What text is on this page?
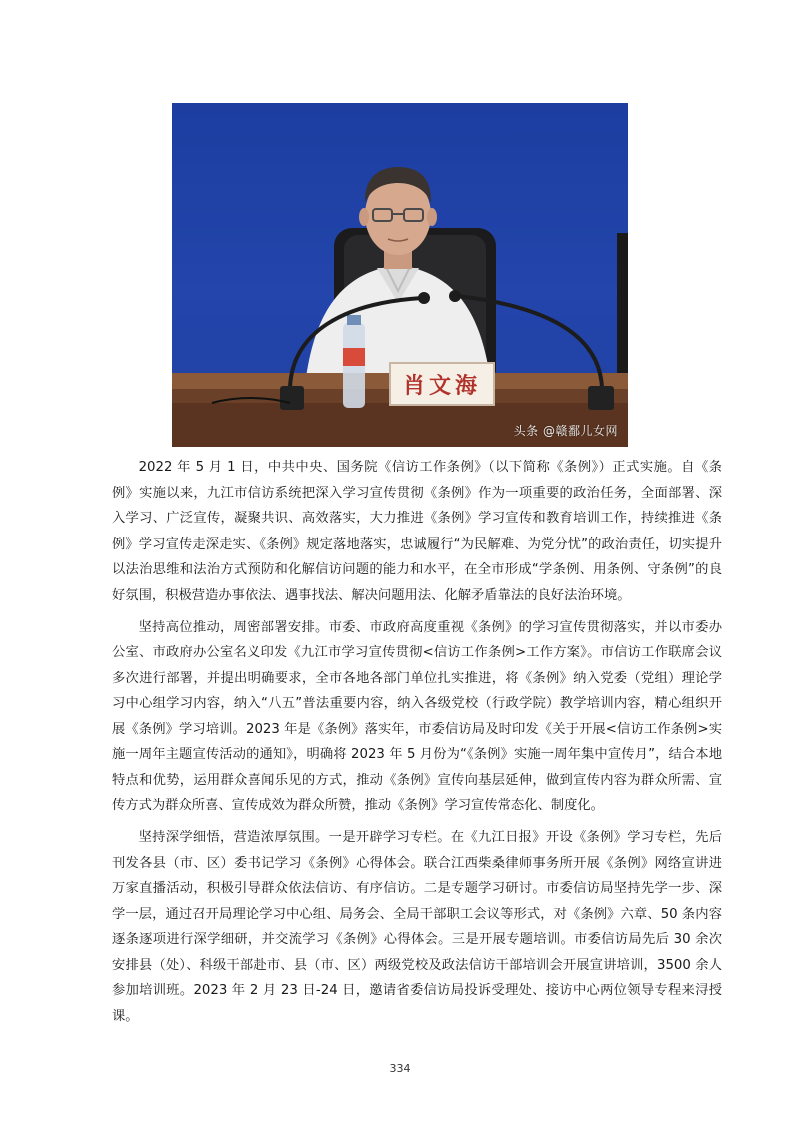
肖文海
头条 @赣鄱儿女网

2022 年 5 月 1 日，中共中央、国务院《信访工作条例》（以下简称《条例》）正式实施。自《条例》实施以来，九江市信访系统把深入学习宣传贯彻《条例》作为一项重要的政治任务，全面部署、深入学习、广泛宣传，凝聚共识、高效落实，大力推进《条例》学习宣传和教育培训工作，持续推进《条例》学习宣传走深走实、《条例》规定落地落实，忠诚履行“为民解难、为党分忧”的政治责任，切实提升以法治思维和法治方式预防和化解信访问题的能力和水平，在全市形成“学条例、用条例、守条例”的良好氛围，积极营造办事依法、遇事找法、解决问题用法、化解矛盾靠法的良好法治环境。

坚持高位推动，周密部署安排。市委、市政府高度重视《条例》的学习宣传贯彻落实，并以市委办公室、市政府办公室名义印发《九江市学习宣传贯彻<信访工作条例>工作方案》。市信访工作联席会议多次进行部署，并提出明确要求，全市各地各部门单位扎实推进，将《条例》纳入党委（党组）理论学习中心组学习内容，纳入“八五”普法重要内容，纳入各级党校（行政学院）教学培训内容，精心组织开展《条例》学习培训。2023 年是《条例》落实年，市委信访局及时印发《关于开展<信访工作条例>实施一周年主题宣传活动的通知》，明确将 2023 年 5 月份为“《条例》实施一周年集中宣传月”，结合本地特点和优势，运用群众喜闻乐见的方式，推动《条例》宣传向基层延伸，做到宣传内容为群众所需、宣传方式为群众所喜、宣传成效为群众所赞，推动《条例》学习宣传常态化、制度化。

坚持深学细悟，营造浓厚氛围。一是开辟学习专栏。在《九江日报》开设《条例》学习专栏，先后刊发各县（市、区）委书记学习《条例》心得体会。联合江西柴桑律师事务所开展《条例》网络宣讲进万家直播活动，积极引导群众依法信访、有序信访。二是专题学习研讨。市委信访局坚持先学一步、深学一层，通过召开局理论学习中心组、局务会、全局干部职工会议等形式，对《条例》六章、50 条内容逐条逐项进行深学细研，并交流学习《条例》心得体会。三是开展专题培训。市委信访局先后 30 余次安排县（处）、科级干部赴市、县（市、区）两级党校及政法信访干部培训会开展宣讲培训，3500 余人参加培训班。2023 年 2 月 23 日-24 日，邀请省委信访局投诉受理处、接访中心两位领导专程来浔授课。

334
